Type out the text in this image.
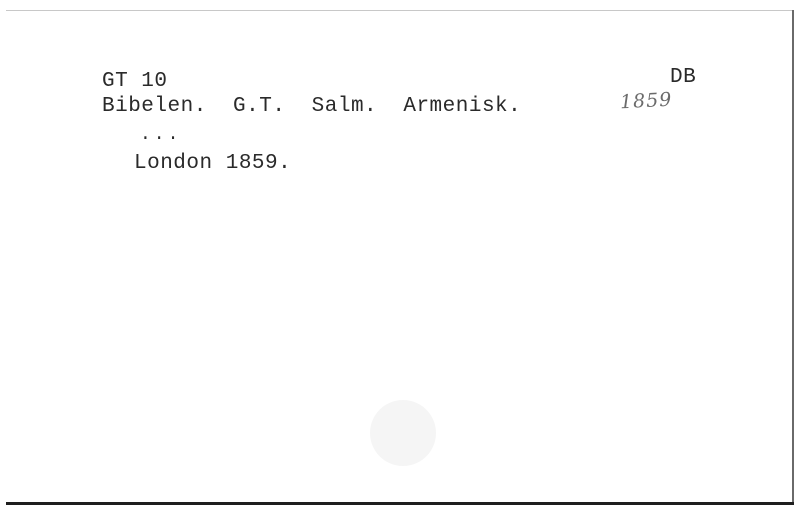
GT 10	DB
Bibelen.  G.T.  Salm.  Armenisk.	1859
...
London 1859.
